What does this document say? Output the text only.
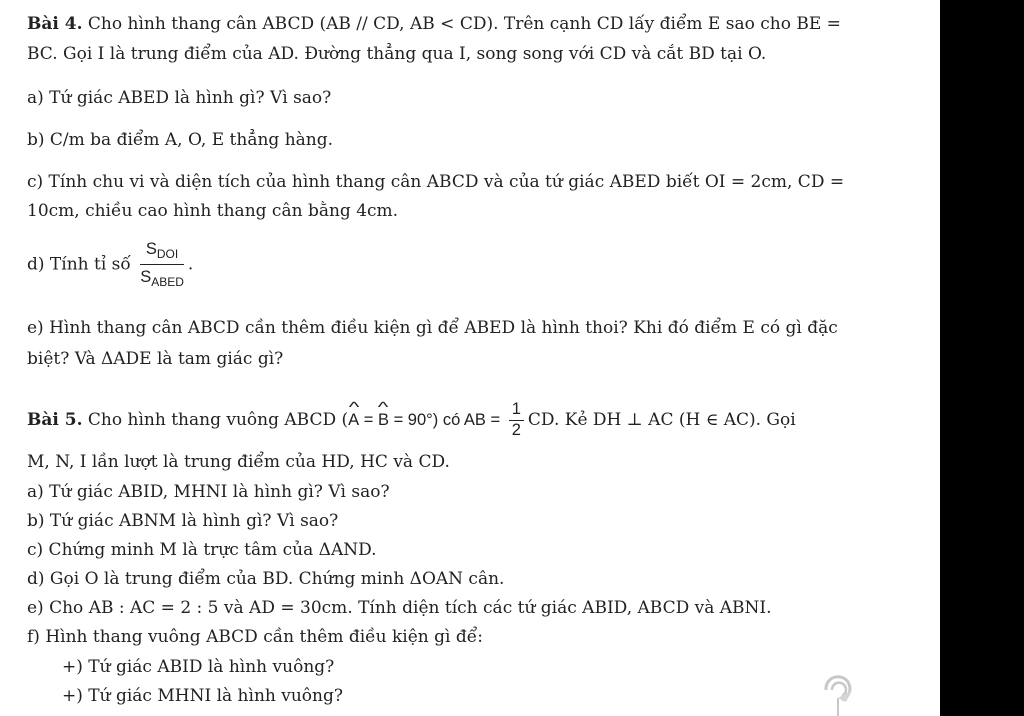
Bài 4. Cho hình thang cân ABCD (AB // CD, AB < CD). Trên cạnh CD lấy điểm E sao cho BE =
BC. Gọi I là trung điểm của AD. Đường thẳng qua I, song song với CD và cắt BD tại O.
a) Tứ giác ABED là hình gì? Vì sao?
b) C/m ba điểm A, O, E thẳng hàng.
c) Tính chu vi và diện tích của hình thang cân ABCD và của tứ giác ABED biết OI = 2cm, CD =
10cm, chiều cao hình thang cân bằng 4cm.
d) Tính tỉ số $\frac{S_{DOI}}{S_{ABED}}$ .
e) Hình thang cân ABCD cần thêm điều kiện gì để ABED là hình thoi? Khi đó điểm E có gì đặc
biệt? Và ΔADE là tam giác gì?
Bài 5. Cho hình thang vuông ABCD (^ A = ^ B = 90°) có AB = $\frac{1}{2}$ CD. Kẻ DH ⊥ AC (H ∈ AC). Gọi
M, N, I lần lượt là trung điểm của HD, HC và CD.
a) Tứ giác ABID, MHNI là hình gì? Vì sao?
b) Tứ giác ABNM là hình gì? Vì sao?
c) Chứng minh M là trực tâm của ΔAND.
d) Gọi O là trung điểm của BD. Chứng minh ΔOAN cân.
e) Cho AB : AC = 2 : 5 và AD = 30cm. Tính diện tích các tứ giác ABID, ABCD và ABNI.
f) Hình thang vuông ABCD cần thêm điều kiện gì để:
+) Tứ giác ABID là hình vuông?
+) Tứ giác MHNI là hình vuông?
